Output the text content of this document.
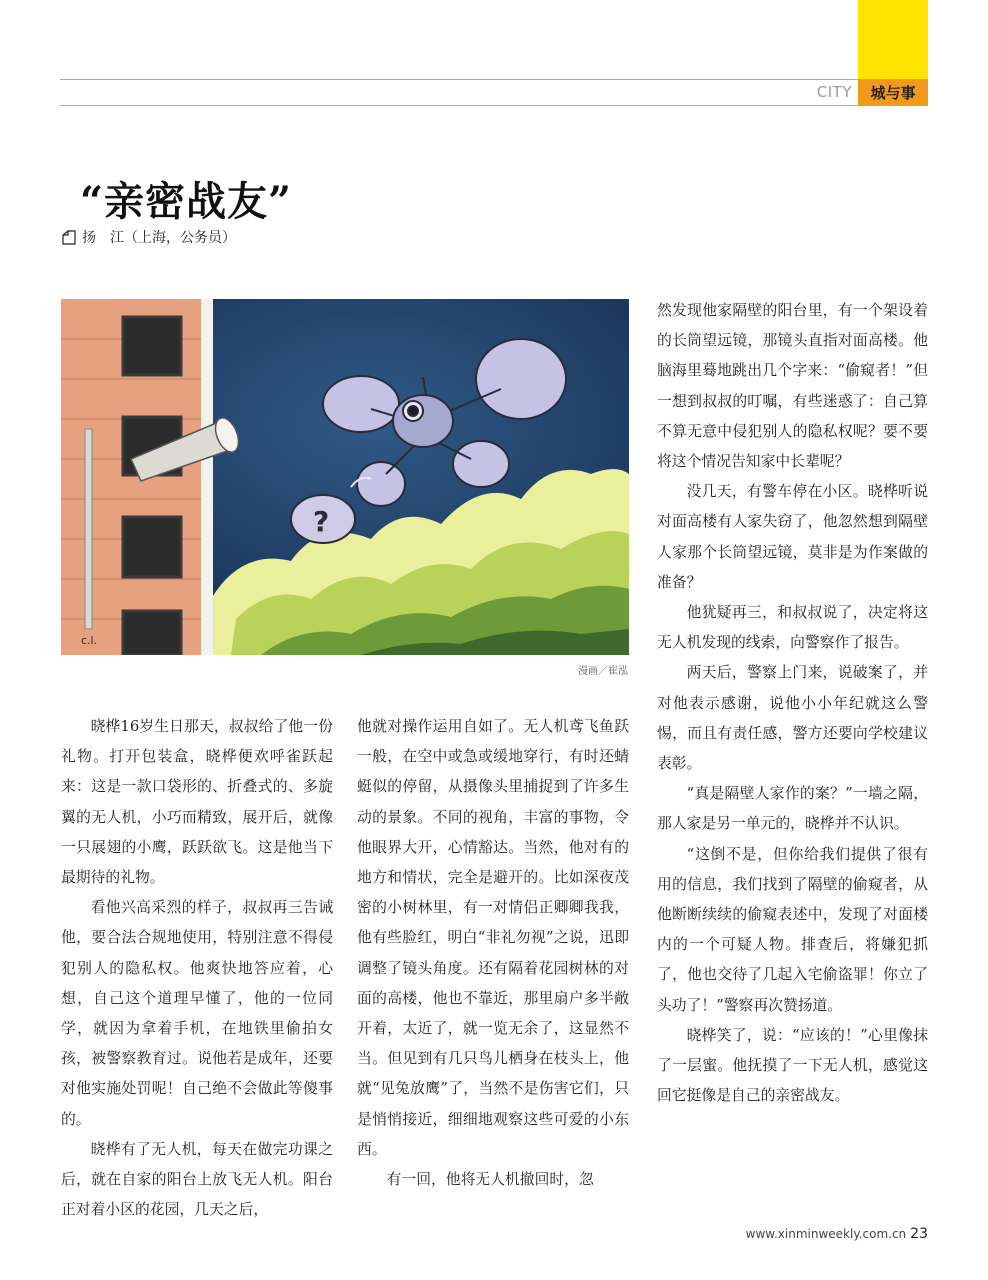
CITY	城与事
“亲密战友”
扬　江（上海，公务员）
?
c.l.
漫画／崔泓

晓桦16岁生日那天，叔叔给了他一份礼物。打开包装盒，晓桦便欢呼雀跃起来：这是一款口袋形的、折叠式的、多旋翼的无人机，小巧而精致，展开后，就像一只展翅的小鹰，跃跃欲飞。这是他当下最期待的礼物。

看他兴高采烈的样子，叔叔再三告诫他，要合法合规地使用，特别注意不得侵犯别人的隐私权。他爽快地答应着，心想，自己这个道理早懂了，他的一位同学，就因为拿着手机，在地铁里偷拍女孩，被警察教育过。说他若是成年，还要对他实施处罚呢！自己绝不会做此等傻事的。

晓桦有了无人机，每天在做完功课之后，就在自家的阳台上放飞无人机。阳台正对着小区的花园，几天之后，

他就对操作运用自如了。无人机鸢飞鱼跃一般，在空中或急或缓地穿行，有时还蜻蜓似的停留，从摄像头里捕捉到了许多生动的景象。不同的视角，丰富的事物，令他眼界大开，心情豁达。当然，他对有的地方和情状，完全是避开的。比如深夜茂密的小树林里，有一对情侣正卿卿我我，他有些脸红，明白“非礼勿视”之说，迅即调整了镜头角度。还有隔着花园树林的对面的高楼，他也不靠近，那里扇户多半敞开着，太近了，就一览无余了，这显然不当。但见到有几只鸟儿栖身在枝头上，他就“见兔放鹰”了，当然不是伤害它们，只是悄悄接近，细细地观察这些可爱的小东西。

有一回，他将无人机撤回时，忽

然发现他家隔壁的阳台里，有一个架设着的长筒望远镜，那镜头直指对面高楼。他脑海里蓦地跳出几个字来：“偷窥者！”但一想到叔叔的叮嘱，有些迷惑了：自己算不算无意中侵犯别人的隐私权呢？要不要将这个情况告知家中长辈呢？

没几天，有警车停在小区。晓桦听说对面高楼有人家失窃了，他忽然想到隔壁人家那个长筒望远镜，莫非是为作案做的准备？

他犹疑再三，和叔叔说了，决定将这无人机发现的线索，向警察作了报告。

两天后，警察上门来，说破案了，并对他表示感谢，说他小小年纪就这么警惕，而且有责任感，警方还要向学校建议表彰。

“真是隔壁人家作的案？”一墙之隔，那人家是另一单元的，晓桦并不认识。

“这倒不是，但你给我们提供了很有用的信息，我们找到了隔壁的偷窥者，从他断断续续的偷窥表述中，发现了对面楼内的一个可疑人物。排查后，将嫌犯抓了，他也交待了几起入宅偷盗罪！你立了头功了！”警察再次赞扬道。

晓桦笑了，说：“应该的！”心里像抹了一层蜜。他抚摸了一下无人机，感觉这回它挺像是自己的亲密战友。

www.xinminweekly.com.cn 23
